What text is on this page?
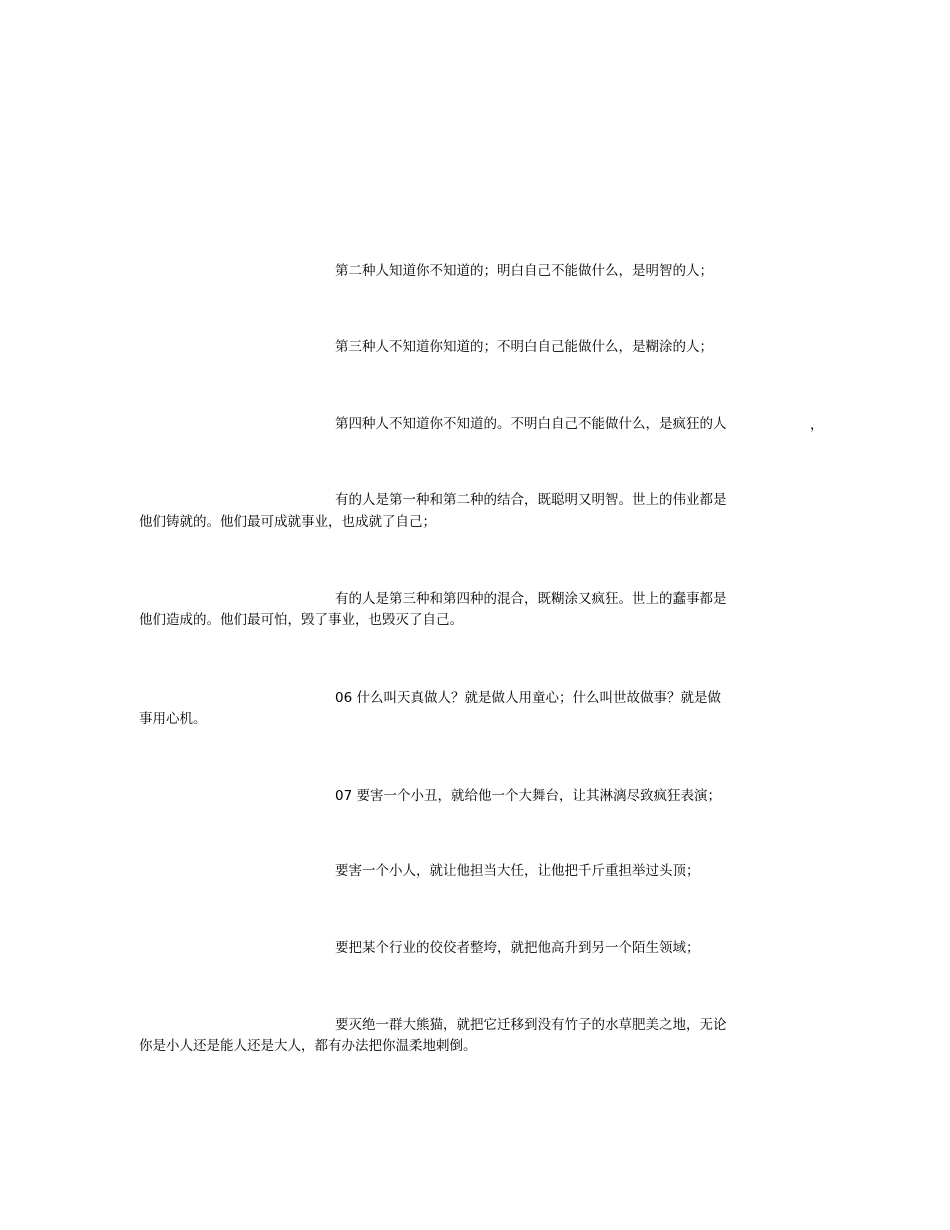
第二种人知道你不知道的；明白自己不能做什么，是明智的人；
第三种人不知道你知道的；不明白自己能做什么，是糊涂的人；
第四种人不知道你不知道的。不明白自己不能做什么，是疯狂的人	，
有的人是第一种和第二种的结合，既聪明又明智。世上的伟业都是
他们铸就的。他们最可成就事业，也成就了自己；
有的人是第三种和第四种的混合，既糊涂又疯狂。世上的蠢事都是
他们造成的。他们最可怕，毁了事业，也毁灭了自己。
06 什么叫天真做人？就是做人用童心；什么叫世故做事？就是做
事用心机。
07 要害一个小丑，就给他一个大舞台，让其淋漓尽致疯狂表演；
要害一个小人，就让他担当大任，让他把千斤重担举过头顶；
要把某个行业的佼佼者整垮，就把他高升到另一个陌生领域；
要灭绝一群大熊猫，就把它迁移到没有竹子的水草肥美之地，无论
你是小人还是能人还是大人，都有办法把你温柔地剌倒。
